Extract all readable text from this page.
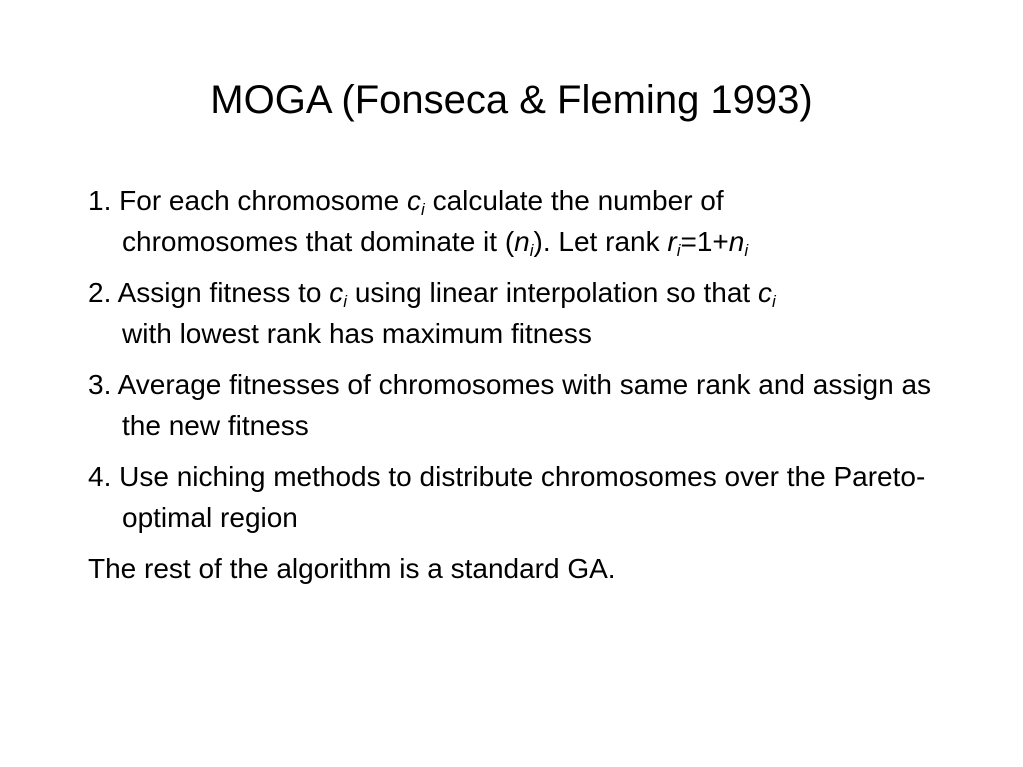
MOGA (Fonseca & Fleming 1993)

1. For each chromosome $c_i$ calculate the number of
chromosomes that dominate it $(n_i)$. Let rank $r_i=1+n_i$

2. Assign fitness to $c_i$ using linear interpolation so that $c_i$
with lowest rank has maximum fitness

3. Average fitnesses of chromosomes with same rank and assign as the new fitness

4. Use niching methods to distribute chromosomes over the Pareto-optimal region

The rest of the algorithm is a standard GA.
